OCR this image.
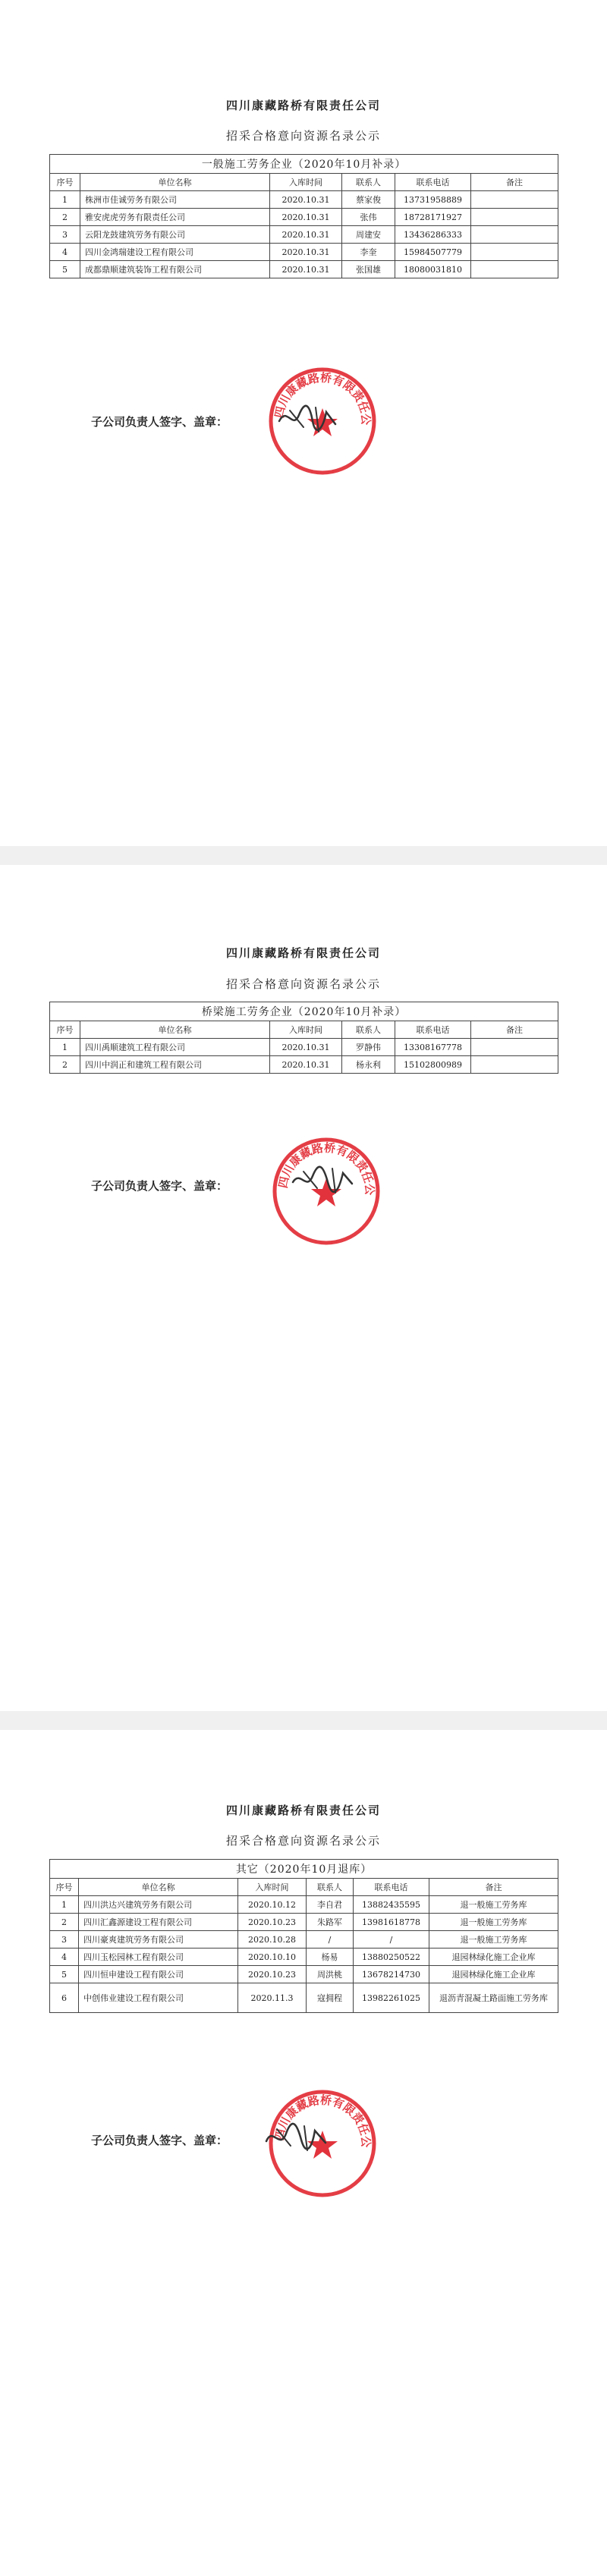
四川康藏路桥有限责任公司
招采合格意向资源名录公示
一般施工劳务企业（2020年10月补录）					
序号	单位名称	入库时间	联系人	联系电话	备注
1	株洲市佳诚劳务有限公司	2020.10.31	蔡家俊	13731958889	
2	雅安虎虎劳务有限责任公司	2020.10.31	张伟	18728171927	
3	云阳龙鼓建筑劳务有限公司	2020.10.31	周建安	13436286333	
4	四川金鸿瑞建设工程有限公司	2020.10.31	李奎	15984507779	
5	成都鼎顺建筑装饰工程有限公司	2020.10.31	张国雄	18080031810	
子公司负责人签字、盖章：
四川康藏路桥有限责任公
四川康藏路桥有限责任公司
招采合格意向资源名录公示
桥梁施工劳务企业（2020年10月补录）					
序号	单位名称	入库时间	联系人	联系电话	备注
1	四川禹顺建筑工程有限公司	2020.10.31	罗静伟	13308167778	
2	四川中润正和建筑工程有限公司	2020.10.31	杨永利	15102800989	
子公司负责人签字、盖章：	四川康藏路桥有限责任公
四川康藏路桥有限责任公司
招采合格意向资源名录公示
其它（2020年10月退库）					
序号	单位名称	入库时间	联系人	联系电话	备注
1	四川洪达兴建筑劳务有限公司	2020.10.12	李自君	13882435595	退一般施工劳务库
2	四川汇鑫源建设工程有限公司	2020.10.23	朱路军	13981618778	退一般施工劳务库
3	四川豪爽建筑劳务有限公司	2020.10.28	/	/	退一般施工劳务库
4	四川玉松园林工程有限公司	2020.10.10	杨易	13880250522	退园林绿化施工企业库
5	四川恒申建设工程有限公司	2020.10.23	周洪桃	13678214730	退园林绿化施工企业库
6	中创伟业建设工程有限公司	2020.11.3	寇拥程	13982261025	退沥青混凝土路面施工劳务库
子公司负责人签字、盖章：	四川康藏路桥有限责任公
